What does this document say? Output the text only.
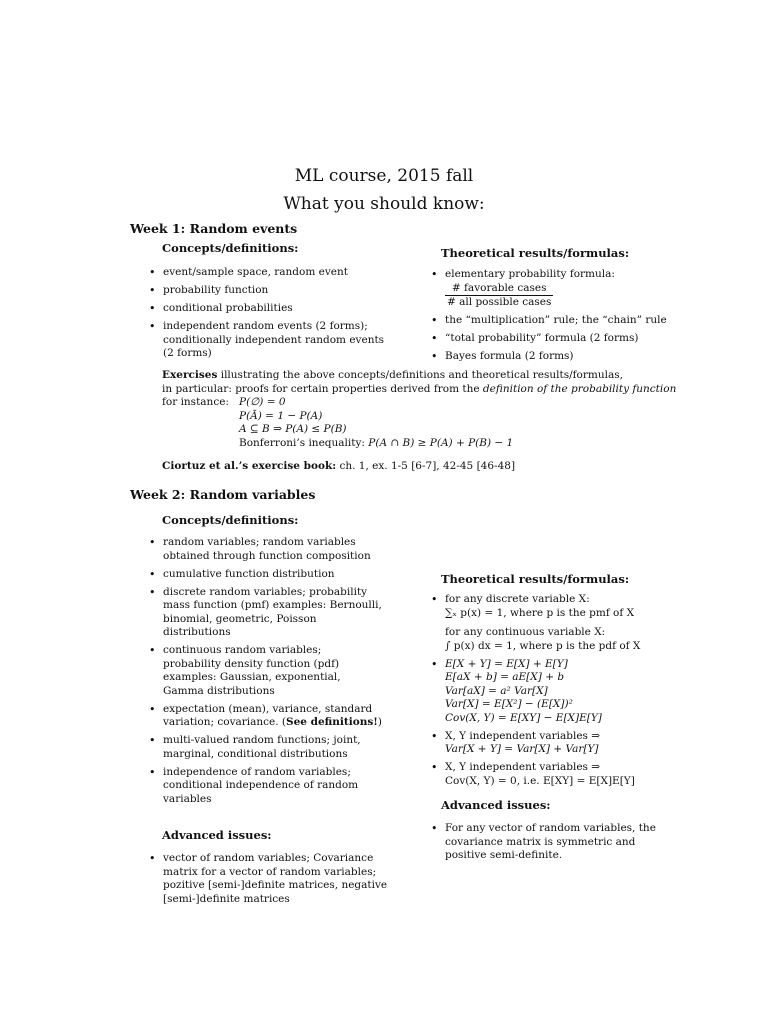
ML course, 2015 fall
What you should know:
Week 1: Random events
Concepts/definitions:
• event/sample space, random event
• probability function
• conditional probabilities
• independent random events (2 forms); conditionally independent random events (2 forms)
Theoretical results/formulas:
• elementary probability formula:
$\frac{\text{\# favorable cases}}{\text{\# all possible cases}}$
• the “multiplication” rule; the “chain” rule
• “total probability” formula (2 forms)
• Bayes formula (2 forms)
Exercises illustrating the above concepts/definitions and theoretical results/formulas,
in particular: proofs for certain properties derived from the definition of the probability function
for instance: P(∅) = 0
P(Ā) = 1 − P(A)
A ⊆ B ⇒ P(A) ≤ P(B)
Bonferroni’s inequality: P(A ∩ B) ≥ P(A) + P(B) − 1
Ciortuz et al.’s exercise book: ch. 1, ex. 1-5 [6-7], 42-45 [46-48]
Week 2: Random variables
Concepts/definitions:
• random variables; random variables obtained through function composition
• cumulative function distribution
• discrete random variables; probability mass function (pmf) examples: Bernoulli, binomial, geometric, Poisson distributions
• continuous random variables; probability density function (pdf) examples: Gaussian, exponential, Gamma distributions
• expectation (mean), variance, standard variation; covariance. (See definitions!)
• multi-valued random functions; joint, marginal, conditional distributions
• independence of random variables; conditional independence of random variables
Advanced issues:
• vector of random variables; Covariance matrix for a vector of random variables; pozitive [semi-]definite matrices, negative [semi-]definite matrices
Theoretical results/formulas:
• for any discrete variable X:
∑ₓ p(x) = 1, where p is the pmf of X
for any continuous variable X:
∫ p(x) dx = 1, where p is the pdf of X
• E[X + Y] = E[X] + E[Y]
E[aX + b] = aE[X] + b
Var[aX] = a² Var[X]
Var[X] = E[X²] − (E[X])²
Cov(X, Y) = E[XY] − E[X]E[Y]
• X, Y independent variables ⇒
Var[X + Y] = Var[X] + Var[Y]
• X, Y independent variables ⇒
Cov(X, Y) = 0, i.e. E[XY] = E[X]E[Y]
Advanced issues:
• For any vector of random variables, the covariance matrix is symmetric and positive semi-definite.
